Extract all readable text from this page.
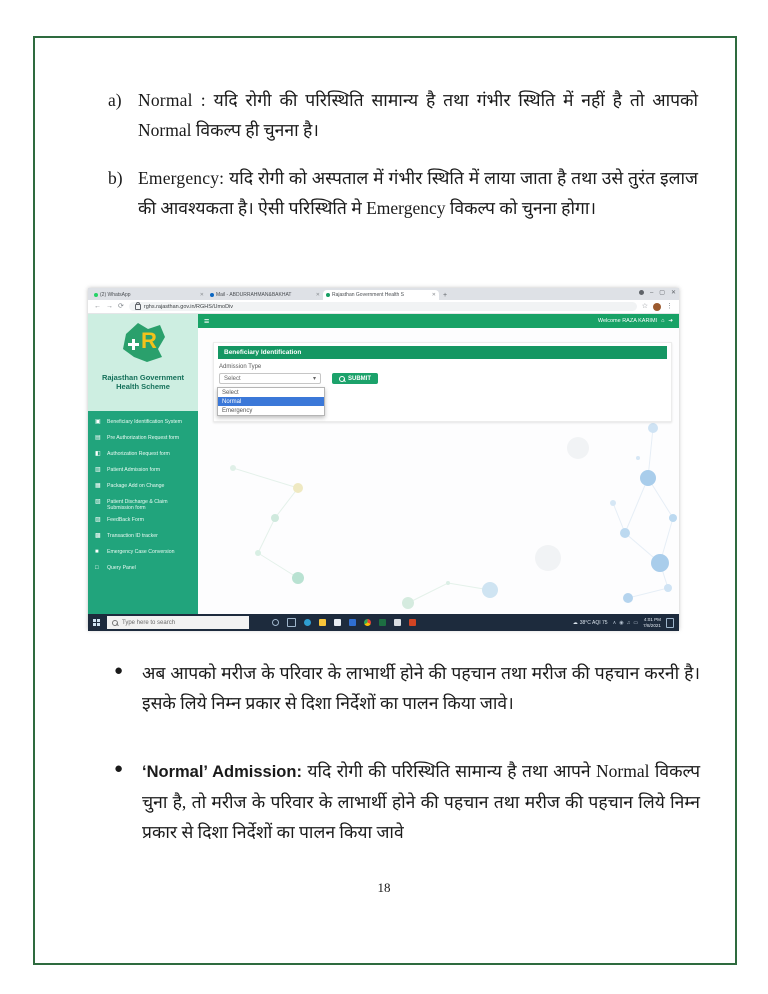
a) Normal : यदि रोगी की परिस्थिति सामान्य है तथा गंभीर स्थिति में नहीं है तो आपको Normal विकल्प ही चुनना है।
b) Emergency: यदि रोगी को अस्पताल में गंभीर स्थिति में लाया जाता है तथा उसे तुरंत इलाज की आवश्यकता है। ऐसी परिस्थिति मे Emergency विकल्प को चुनना होगा।
(2) WhatsApp	✕ Mail - ABDURRAHMAN&BAKHAT	✕ Rajasthan Government Health S	✕ +	– ▢ ✕
← → ⟳	rghs.rajasthan.gov.in/RGHS/UmoDiv	☆	⋮
R
Rajasthan Government
Health Scheme
▣	Beneficiary Identification System
▤	Pre Authorization Request form
◧	Authorization Request form
▥	Patient Admission form
▦	Package Add on Change
▧	Patient Discharge & Claim Submission form
▨	FeedBack Form
▩	Transaction ID tracker
■	Emergency Case Conversion
□	Query Panel
≡	Welcome RAZA KARIMI ⌂ ➔
Beneficiary Identification
Admission Type
Select	▾	SUBMIT
Select
Normal
Emergency
Type here to search	☁ 38°C AQI 75 ∧ ◉ ♫ ▭ 4:01 PM
7/8/2021
● अब आपको मरीज के परिवार के लाभार्थी होने की पहचान तथा मरीज की पहचान करनी है। इसके लिये निम्न प्रकार से दिशा निर्देशों का पालन किया जावे।
● ‘Normal’ Admission: यदि रोगी की परिस्थिति सामान्य है तथा आपने Normal विकल्प चुना है, तो मरीज के परिवार के लाभार्थी होने की पहचान तथा मरीज की पहचान लिये निम्न प्रकार से दिशा निर्देशों का पालन किया जावे
18
